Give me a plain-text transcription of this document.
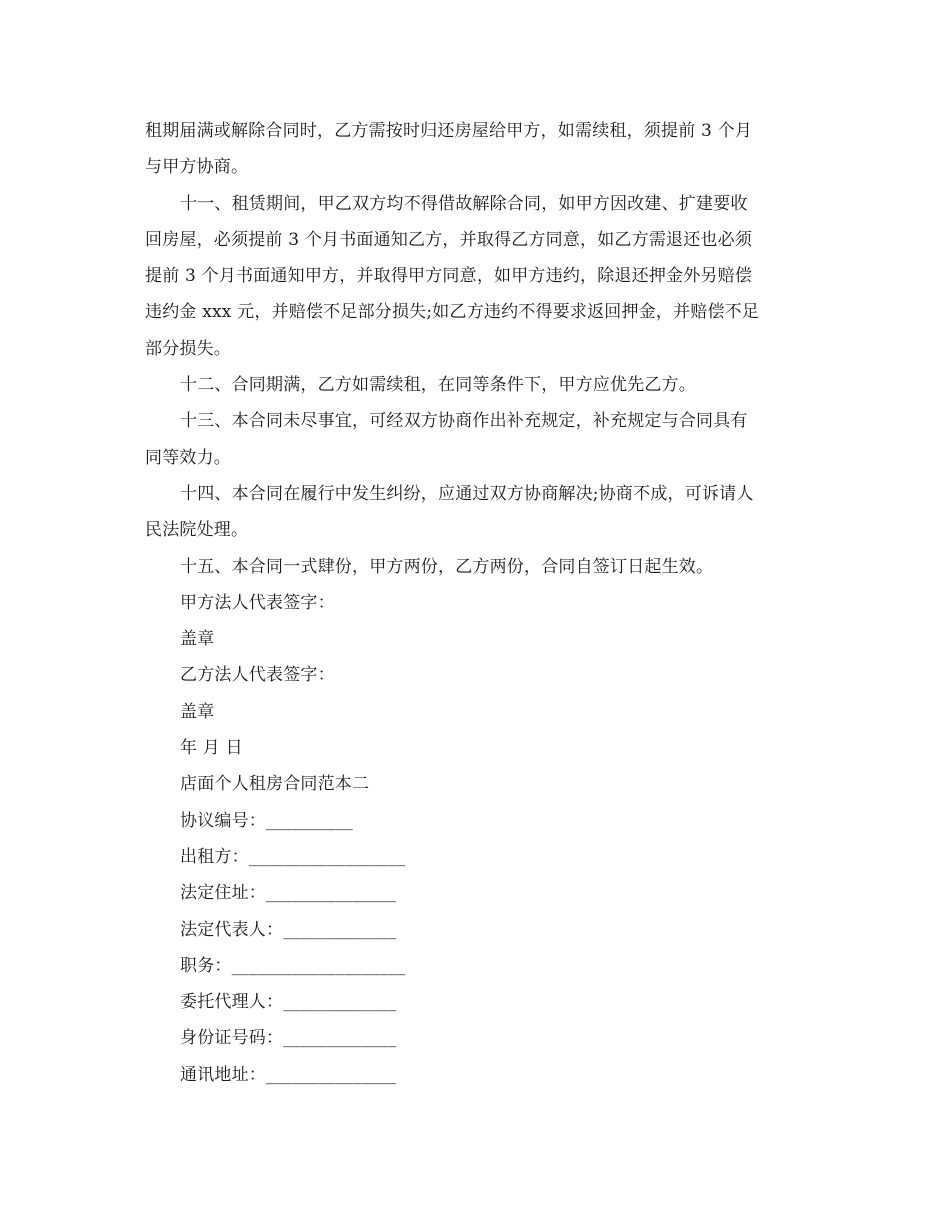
租期届满或解除合同时，乙方需按时归还房屋给甲方，如需续租，须提前 3 个月
与甲方协商。
十一、租赁期间，甲乙双方均不得借故解除合同，如甲方因改建、扩建要收
回房屋，必须提前 3 个月书面通知乙方，并取得乙方同意，如乙方需退还也必须
提前 3 个月书面通知甲方，并取得甲方同意，如甲方违约，除退还押金外另赔偿
违约金 xxx 元，并赔偿不足部分损失;如乙方违约不得要求返回押金，并赔偿不足
部分损失。
十二、合同期满，乙方如需续租，在同等条件下，甲方应优先乙方。
十三、本合同未尽事宜，可经双方协商作出补充规定，补充规定与合同具有
同等效力。
十四、本合同在履行中发生纠纷，应通过双方协商解决;协商不成，可诉请人
民法院处理。
十五、本合同一式肆份，甲方两份，乙方两份，合同自签订日起生效。
甲方法人代表签字：
盖章
乙方法人代表签字：
盖章
年 月 日
店面个人租房合同范本二
协议编号：__________
出租方：__________________
法定住址：_______________
法定代表人：_____________
职务：____________________
委托代理人：_____________
身份证号码：_____________
通讯地址：_______________
